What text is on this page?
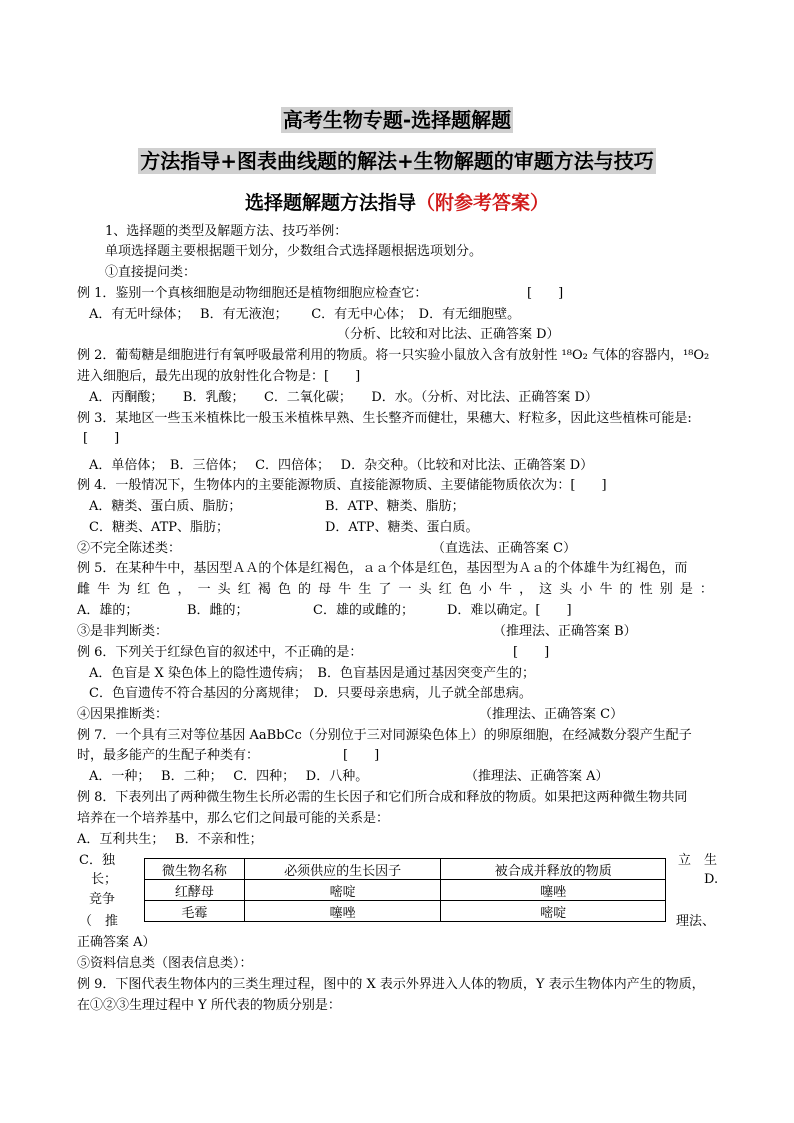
高考生物专题-选择题解题
方法指导+图表曲线题的解法+生物解题的审题方法与技巧
选择题解题方法指导（附参考答案）
1、选择题的类型及解题方法、技巧举例：
单项选择题主要根据题干划分，少数组合式选择题根据选项划分。
①直接提问类：
例 1．鉴别一个真核细胞是动物细胞还是植物细胞应检查它：	[　　]
A．有无叶绿体；　 B．有无液泡；　　 C．有无中心体；　D．有无细胞壁。
（分析、比较和对比法、正确答案 D）
例 2．葡萄糖是细胞进行有氧呼吸最常利用的物质。将一只实验小鼠放入含有放射性 ¹⁸O₂ 气体的容器内，¹⁸O₂
进入细胞后，最先出现的放射性化合物是：[　　]
A．丙酮酸；　　B．乳酸；　　C．二氧化碳；　　D．水。（分析、对比法、正确答案 D）
例 3．某地区一些玉米植株比一般玉米植株早熟、生长整齐而健壮，果穗大、籽粒多，因此这些植株可能是:
[　　]
A．单倍体；　B．三倍体；　 C．四倍体；　 D．杂交种。（比较和对比法、正确答案 D）
例 4．一般情况下，生物体内的主要能源物质、直接能源物质、主要储能物质依次为：[　　]
A．糖类、蛋白质、脂肪；	B．ATP、糖类、脂肪；
C．糖类、ATP、脂肪；	D．ATP、糖类、蛋白质。
②不完全陈述类：	（直选法、正确答案 C）
例 5．在某种牛中，基因型ＡＡ的个体是红褐色，ａａ个体是红色，基因型为Ａａ的个体雄牛为红褐色，而
雌 牛 为 红 色 ， 一 头 红 褐 色 的 母 牛 生 了 一 头 红 色 小 牛 ， 这 头 小 牛 的 性 别 是 ：
A．雄的；	B．雌的；	C．雄的或雌的；	D．难以确定。[　　]
③是非判断类：	（推理法、正确答案 B）
例 6．下列关于红绿色盲的叙述中，不正确的是：	[　　]
A．色盲是 X 染色体上的隐性遗传病；　B．色盲基因是通过基因突变产生的；
C．色盲遗传不符合基因的分离规律；　D．只要母亲患病，儿子就全部患病。
④因果推断类：	（推理法、正确答案 C）
例 7．一个具有三对等位基因 AaBbCc（分别位于三对同源染色体上）的卵原细胞，在经减数分裂产生配子
时，最多能产的生配子种类有：	[　　]
A．一种；　 B．二种；　 C．四种；　 D．八种。	（推理法、正确答案 A）
例 8．下表列出了两种微生物生长所必需的生长因子和它们所合成和释放的物质。如果把这两种微生物共同
培养在一个培养基中，那么它们之间最可能的关系是：
A．互利共生；　 B．不亲和性；
C．独
长；
竞争
（　推
立　生
D.
理法、
微生物名称	必须供应的生长因子	被合成并释放的物质
红酵母	嘧啶	噻唑
毛霉	噻唑	嘧啶
正确答案 A）
⑤资料信息类（图表信息类）：
例 9．下图代表生物体内的三类生理过程，图中的 X 表示外界进入人体的物质，Y 表示生物体内产生的物质，
在①②③生理过程中 Y 所代表的物质分别是：
